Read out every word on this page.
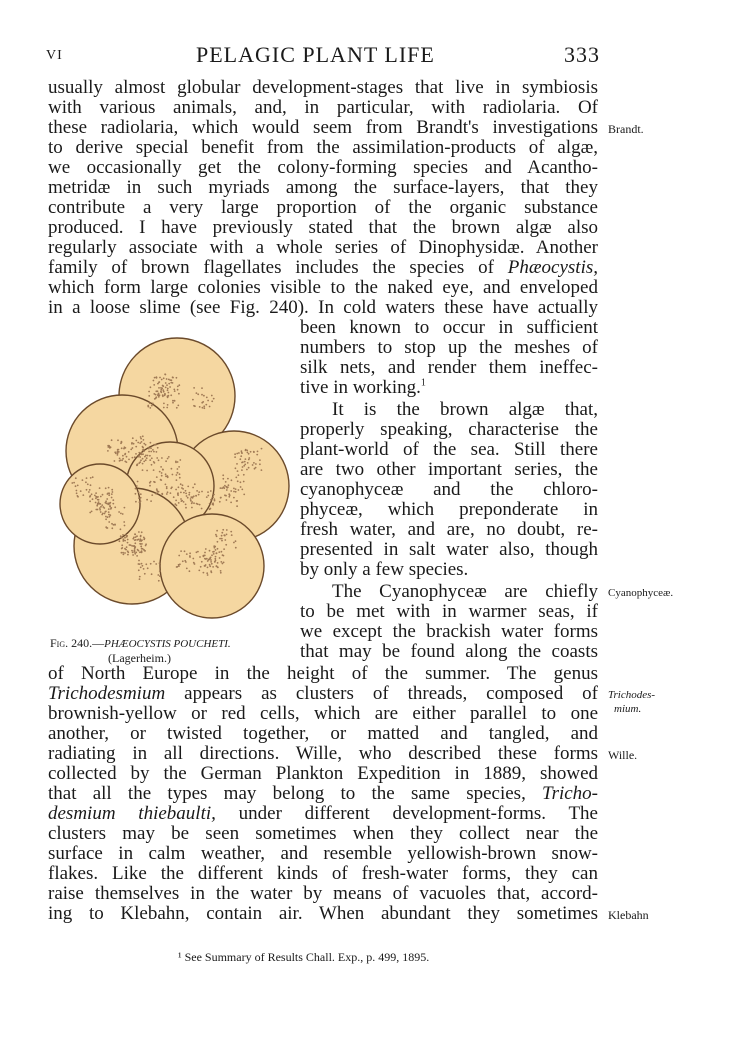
VI	PELAGIC PLANT LIFE	333
usually almost globular development-stages that live in symbiosis
with various animals, and, in particular, with radiolaria. Of
these radiolaria, which would seem from Brandt's investigations
to derive special benefit from the assimilation-products of algæ,
we occasionally get the colony-forming species and Acantho-
metridæ in such myriads among the surface-layers, that they
contribute a very large proportion of the organic substance
produced. I have previously stated that the brown algæ also
regularly associate with a whole series of Dinophysidæ. Another
family of brown flagellates includes the species of Phæocystis,
which form large colonies visible to the naked eye, and enveloped
in a loose slime (see Fig. 240). In cold waters these have actually
been known to occur in sufficient
numbers to stop up the meshes of
silk nets, and render them ineffec-
tive in working.$^1$
It is the brown algæ that,
properly speaking, characterise the
plant-world of the sea. Still there
are two other important series, the
cyanophyceæ and the chloro-
phyceæ, which preponderate in
fresh water, and are, no doubt, re-
presented in salt water also, though
by only a few species.
The Cyanophyceæ are chiefly
to be met with in warmer seas, if
we except the brackish water forms
that may be found along the coasts
of North Europe in the height of the summer. The genus
Trichodesmium appears as clusters of threads, composed of
brownish-yellow or red cells, which are either parallel to one
another, or twisted together, or matted and tangled, and
radiating in all directions. Wille, who described these forms
collected by the German Plankton Expedition in 1889, showed
that all the types may belong to the same species, Tricho-
desmium thiebaulti, under different development-forms. The
clusters may be seen sometimes when they collect near the
surface in calm weather, and resemble yellowish-brown snow-
flakes. Like the different kinds of fresh-water forms, they can
raise themselves in the water by means of vacuoles that, accord-
ing to Klebahn, contain air. When abundant they sometimes
Brandt.
Cyanophyceæ.
Trichodes-
mium.
Wille.
Klebahn
Fig. 240.—PHÆOCYSTIS POUCHETI.
(Lagerheim.)
¹ See Summary of Results Chall. Exp., p. 499, 1895.
